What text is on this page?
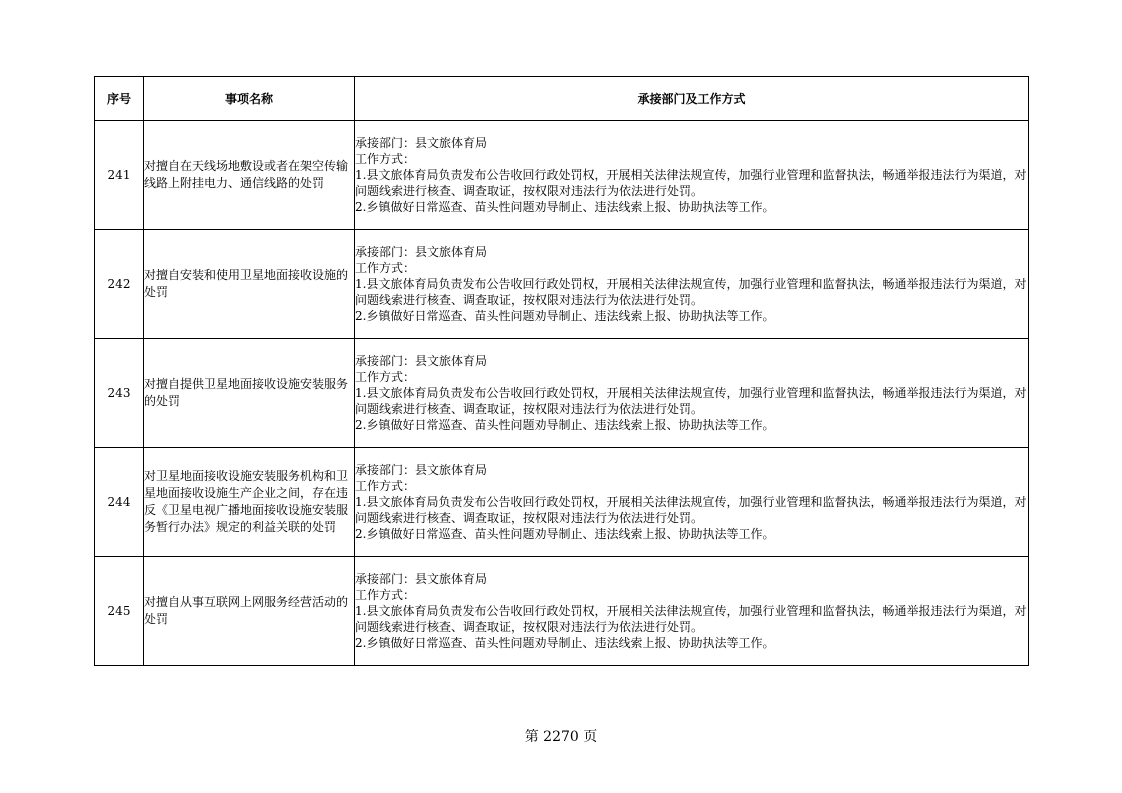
序号	事项名称	承接部门及工作方式
241	对擅自在天线场地敷设或者在架空传输线路上附挂电力、通信线路的处罚	承接部门：县文旅体育局
工作方式：
1.县文旅体育局负责发布公告收回行政处罚权，开展相关法律法规宣传，加强行业管理和监督执法，畅通举报违法行为渠道，对问题线索进行核查、调查取证，按权限对违法行为依法进行处罚。
2.乡镇做好日常巡查、苗头性问题劝导制止、违法线索上报、协助执法等工作。

242	对擅自安装和使用卫星地面接收设施的处罚	承接部门：县文旅体育局
工作方式：
1.县文旅体育局负责发布公告收回行政处罚权，开展相关法律法规宣传，加强行业管理和监督执法，畅通举报违法行为渠道，对问题线索进行核查、调查取证，按权限对违法行为依法进行处罚。
2.乡镇做好日常巡查、苗头性问题劝导制止、违法线索上报、协助执法等工作。

243	对擅自提供卫星地面接收设施安装服务的处罚	承接部门：县文旅体育局
工作方式：
1.县文旅体育局负责发布公告收回行政处罚权，开展相关法律法规宣传，加强行业管理和监督执法，畅通举报违法行为渠道，对问题线索进行核查、调查取证，按权限对违法行为依法进行处罚。
2.乡镇做好日常巡查、苗头性问题劝导制止、违法线索上报、协助执法等工作。

244	对卫星地面接收设施安装服务机构和卫星地面接收设施生产企业之间，存在违反《卫星电视广播地面接收设施安装服务暂行办法》规定的利益关联的处罚	承接部门：县文旅体育局
工作方式：
1.县文旅体育局负责发布公告收回行政处罚权，开展相关法律法规宣传，加强行业管理和监督执法，畅通举报违法行为渠道，对问题线索进行核查、调查取证，按权限对违法行为依法进行处罚。
2.乡镇做好日常巡查、苗头性问题劝导制止、违法线索上报、协助执法等工作。

245	对擅自从事互联网上网服务经营活动的处罚	承接部门：县文旅体育局
工作方式：
1.县文旅体育局负责发布公告收回行政处罚权，开展相关法律法规宣传，加强行业管理和监督执法，畅通举报违法行为渠道，对问题线索进行核查、调查取证，按权限对违法行为依法进行处罚。
2.乡镇做好日常巡查、苗头性问题劝导制止、违法线索上报、协助执法等工作。
第 2270 页
